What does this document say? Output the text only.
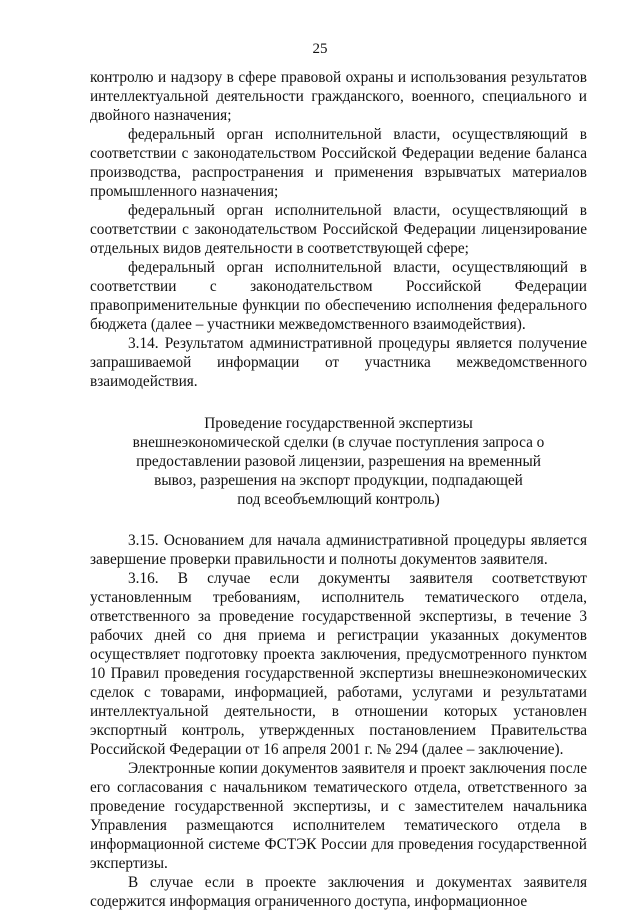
25

контролю и надзору в сфере правовой охраны и использования результатов интеллектуальной деятельности гражданского, военного, специального и двойного назначения;

федеральный орган исполнительной власти, осуществляющий в соответствии с законодательством Российской Федерации ведение баланса производства, распространения и применения взрывчатых материалов промышленного назначения;

федеральный орган исполнительной власти, осуществляющий в соответствии с законодательством Российской Федерации лицензирование отдельных видов деятельности в соответствующей сфере;

федеральный орган исполнительной власти, осуществляющий в соответствии с законодательством Российской Федерации правоприменительные функции по обеспечению исполнения федерального бюджета (далее – участники межведомственного взаимодействия).

3.14. Результатом административной процедуры является получение запрашиваемой информации от участника межведомственного взаимодействия.

Проведение государственной экспертизы
внешнеэкономической сделки (в случае поступления запроса о
предоставлении разовой лицензии, разрешения на временный
вывоз, разрешения на экспорт продукции, подпадающей
под всеобъемлющий контроль)

3.15. Основанием для начала административной процедуры является завершение проверки правильности и полноты документов заявителя.

3.16. В случае если документы заявителя соответствуют установленным требованиям, исполнитель тематического отдела, ответственного за проведение государственной экспертизы, в течение 3 рабочих дней со дня приема и регистрации указанных документов осуществляет подготовку проекта заключения, предусмотренного пунктом 10 Правил проведения государственной экспертизы внешнеэкономических сделок с товарами, информацией, работами, услугами и результатами интеллектуальной деятельности, в отношении которых установлен экспортный контроль, утвержденных постановлением Правительства Российской Федерации от 16 апреля 2001 г. № 294 (далее – заключение).

Электронные копии документов заявителя и проект заключения после его согласования с начальником тематического отдела, ответственного за проведение государственной экспертизы, и с заместителем начальника Управления размещаются исполнителем тематического отдела в информационной системе ФСТЭК России для проведения государственной экспертизы.

В случае если в проекте заключения и документах заявителя содержится информация ограниченного доступа, информационное
